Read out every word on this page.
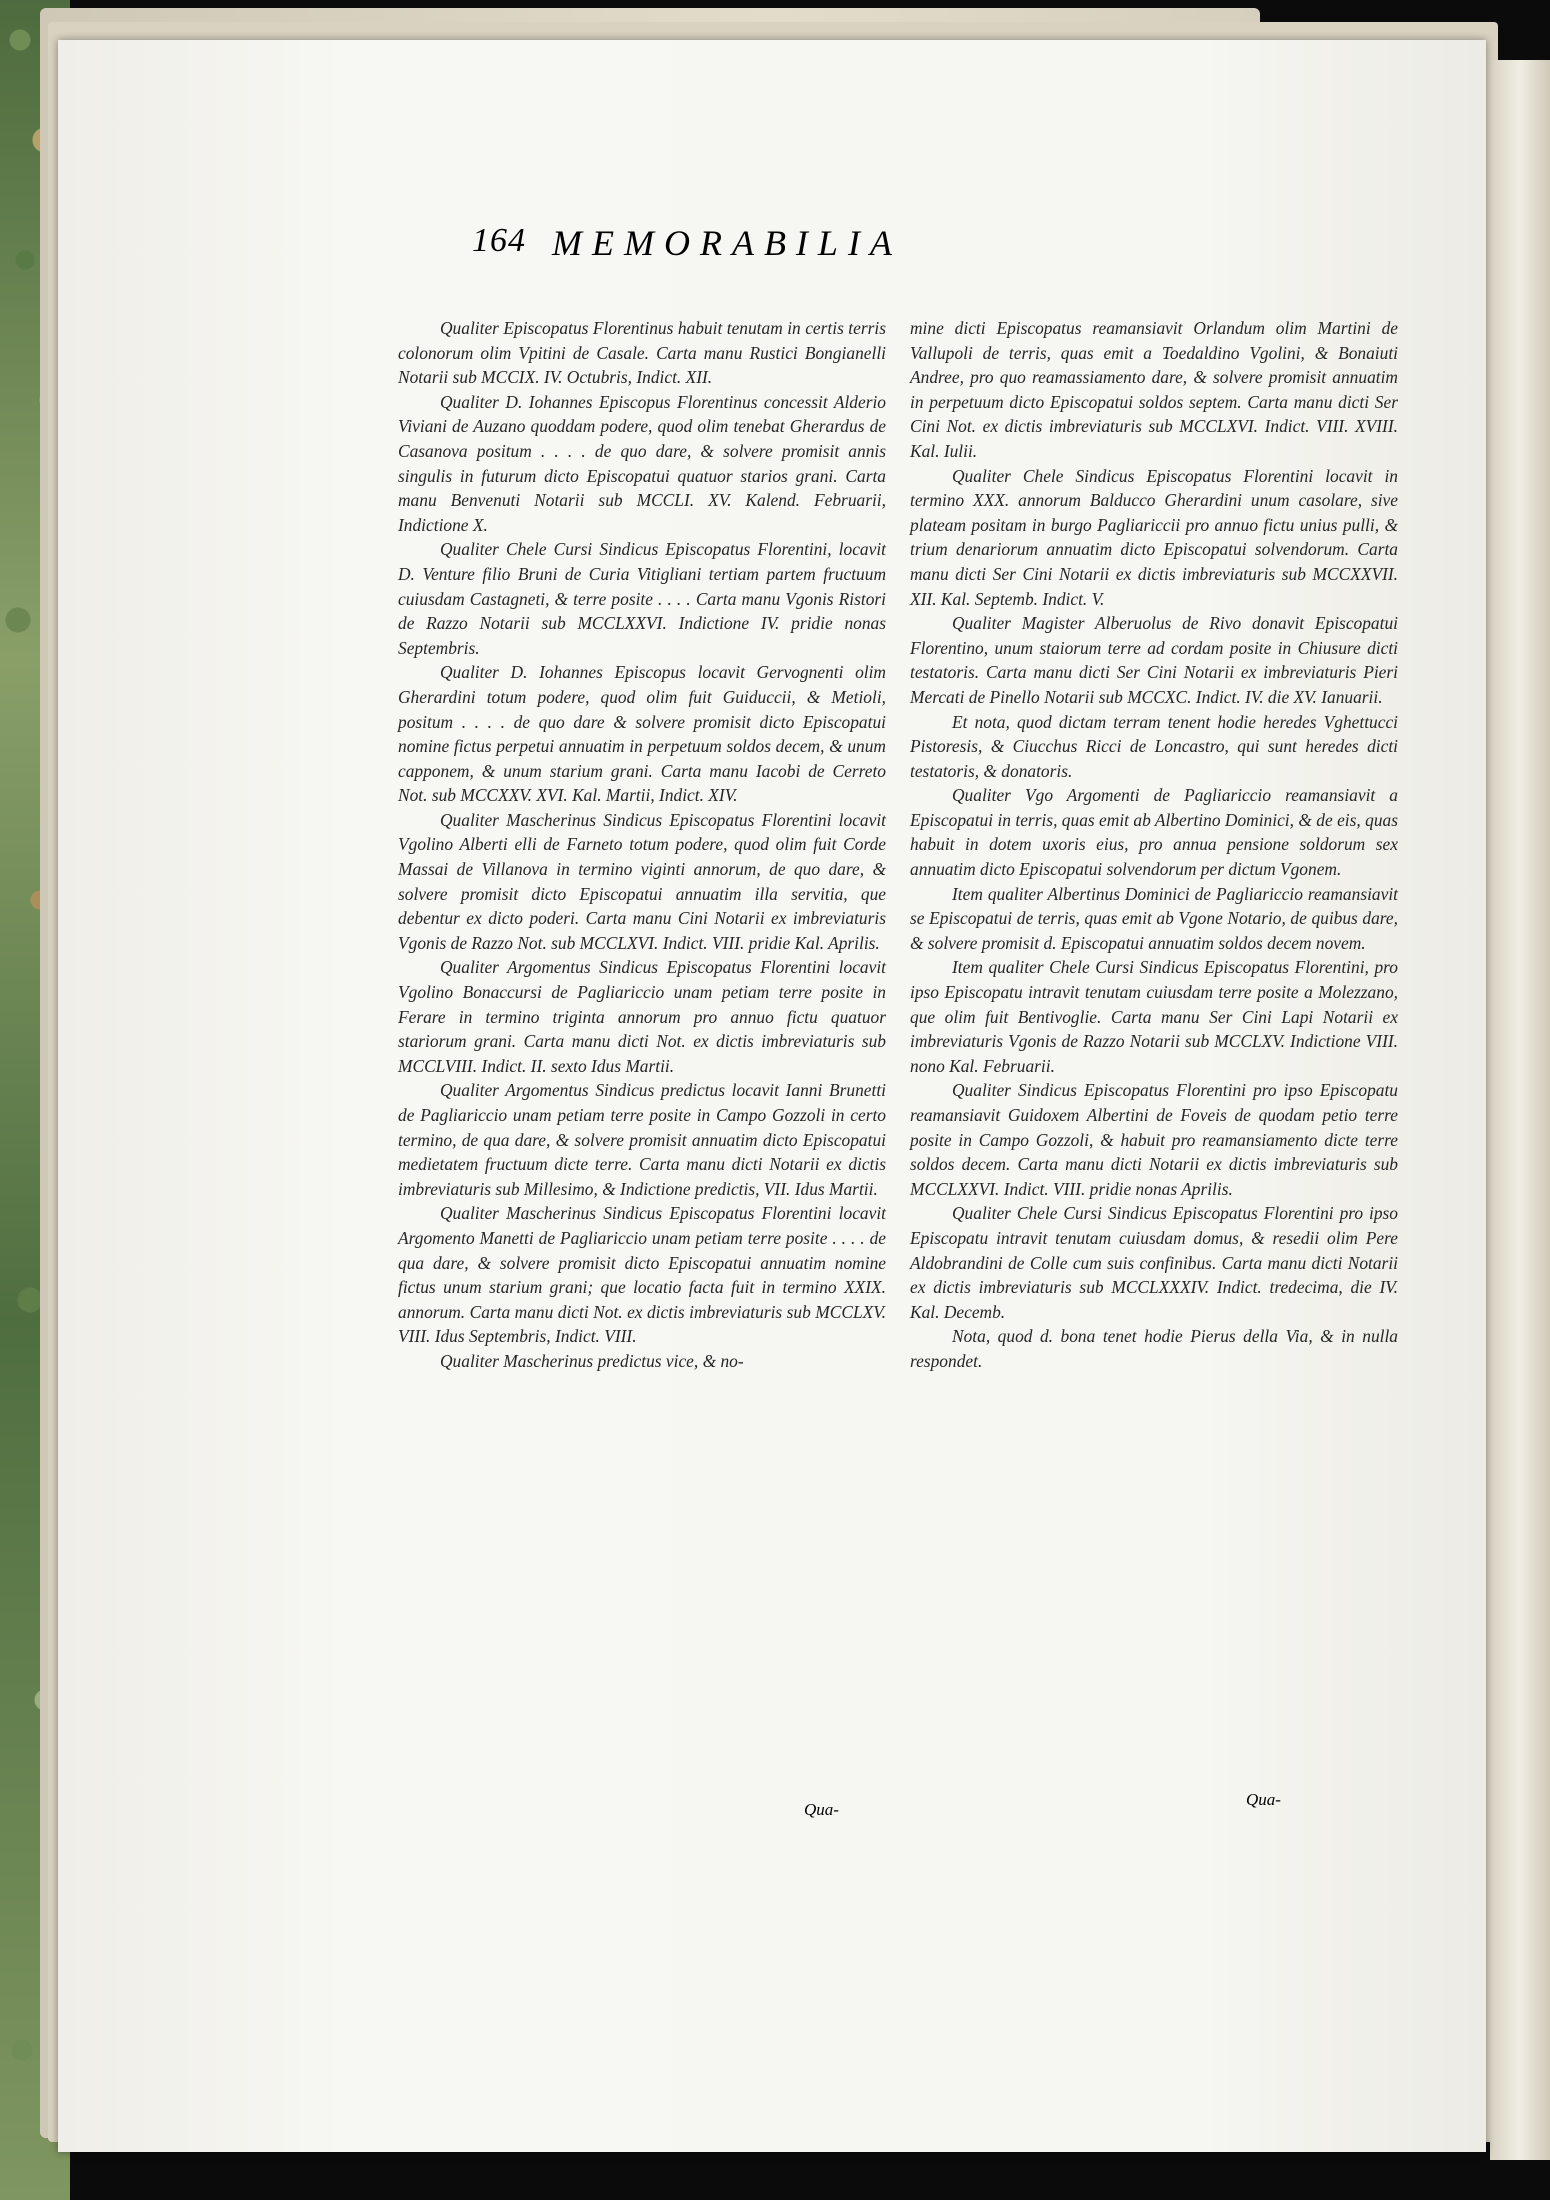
164 MEMORABILIA

Qualiter Episcopatus Florentinus habuit tenutam in certis terris colonorum olim Vpitini de Casale. Carta manu Rustici Bongianelli Notarii sub MCCIX. IV. Octubris, Indict. XII.

Qualiter D. Iohannes Episcopus Florentinus concessit Alderio Viviani de Auzano quoddam podere, quod olim tenebat Gherardus de Casanova positum . . . . de quo dare, & solvere promisit annis singulis in futurum dicto Episcopatui quatuor starios grani. Carta manu Benvenuti Notarii sub MCCLI. XV. Kalend. Februarii, Indictione X.

Qualiter Chele Cursi Sindicus Episcopatus Florentini, locavit D. Venture filio Bruni de Curia Vitigliani tertiam partem fructuum cuiusdam Castagneti, & terre posite . . . . Carta manu Vgonis Ristori de Razzo Notarii sub MCCLXXVI. Indictione IV. pridie nonas Septembris.

Qualiter D. Iohannes Episcopus locavit Gervognenti olim Gherardini totum podere, quod olim fuit Guiduccii, & Metioli, positum . . . . de quo dare & solvere promisit dicto Episcopatui nomine fictus perpetui annuatim in perpetuum soldos decem, & unum capponem, & unum starium grani. Carta manu Iacobi de Cerreto Not. sub MCCXXV. XVI. Kal. Martii, Indict. XIV.

Qualiter Mascherinus Sindicus Episcopatus Florentini locavit Vgolino Alberti elli de Farneto totum podere, quod olim fuit Corde Massai de Villanova in termino viginti annorum, de quo dare, & solvere promisit dicto Episcopatui annuatim illa servitia, que debentur ex dicto poderi. Carta manu Cini Notarii ex imbreviaturis Vgonis de Razzo Not. sub MCCLXVI. Indict. VIII. pridie Kal. Aprilis.

Qualiter Argomentus Sindicus Episcopatus Florentini locavit Vgolino Bonaccursi de Pagliariccio unam petiam terre posite in Ferare in termino triginta annorum pro annuo fictu quatuor stariorum grani. Carta manu dicti Not. ex dictis imbreviaturis sub MCCLVIII. Indict. II. sexto Idus Martii.

Qualiter Argomentus Sindicus predictus locavit Ianni Brunetti de Pagliariccio unam petiam terre posite in Campo Gozzoli in certo termino, de qua dare, & solvere promisit annuatim dicto Episcopatui medietatem fructuum dicte terre. Carta manu dicti Notarii ex dictis imbreviaturis sub Millesimo, & Indictione predictis, VII. Idus Martii.

Qualiter Mascherinus Sindicus Episcopatus Florentini locavit Argomento Manetti de Pagliariccio unam petiam terre posite . . . . de qua dare, & solvere promisit dicto Episcopatui annuatim nomine fictus unum starium grani; que locatio facta fuit in termino XXIX. annorum. Carta manu dicti Not. ex dictis imbreviaturis sub MCCLXV. VIII. Idus Septembris, Indict. VIII.

Qualiter Mascherinus predictus vice, & no-

mine dicti Episcopatus reamansiavit Orlandum olim Martini de Vallupoli de terris, quas emit a Toedaldino Vgolini, & Bonaiuti Andree, pro quo reamassiamento dare, & solvere promisit annuatim in perpetuum dicto Episcopatui soldos septem. Carta manu dicti Ser Cini Not. ex dictis imbreviaturis sub MCCLXVI. Indict. VIII. XVIII. Kal. Iulii.

Qualiter Chele Sindicus Episcopatus Florentini locavit in termino XXX. annorum Balducco Gherardini unum casolare, sive plateam positam in burgo Pagliariccii pro annuo fictu unius pulli, & trium denariorum annuatim dicto Episcopatui solvendorum. Carta manu dicti Ser Cini Notarii ex dictis imbreviaturis sub MCCXXVII. XII. Kal. Septemb. Indict. V.

Qualiter Magister Alberuolus de Rivo donavit Episcopatui Florentino, unum staiorum terre ad cordam posite in Chiusure dicti testatoris. Carta manu dicti Ser Cini Notarii ex imbreviaturis Pieri Mercati de Pinello Notarii sub MCCXC. Indict. IV. die XV. Ianuarii.

Et nota, quod dictam terram tenent hodie heredes Vghettucci Pistoresis, & Ciucchus Ricci de Loncastro, qui sunt heredes dicti testatoris, & donatoris.

Qualiter Vgo Argomenti de Pagliariccio reamansiavit a Episcopatui in terris, quas emit ab Albertino Dominici, & de eis, quas habuit in dotem uxoris eius, pro annua pensione soldorum sex annuatim dicto Episcopatui solvendorum per dictum Vgonem.

Item qualiter Albertinus Dominici de Pagliariccio reamansiavit se Episcopatui de terris, quas emit ab Vgone Notario, de quibus dare, & solvere promisit d. Episcopatui annuatim soldos decem novem.

Item qualiter Chele Cursi Sindicus Episcopatus Florentini, pro ipso Episcopatu intravit tenutam cuiusdam terre posite a Molezzano, que olim fuit Bentivoglie. Carta manu Ser Cini Lapi Notarii ex imbreviaturis Vgonis de Razzo Notarii sub MCCLXV. Indictione VIII. nono Kal. Februarii.

Qualiter Sindicus Episcopatus Florentini pro ipso Episcopatu reamansiavit Guidoxem Albertini de Foveis de quodam petio terre posite in Campo Gozzoli, & habuit pro reamansiamento dicte terre soldos decem. Carta manu dicti Notarii ex dictis imbreviaturis sub MCCLXXVI. Indict. VIII. pridie nonas Aprilis.

Qualiter Chele Cursi Sindicus Episcopatus Florentini pro ipso Episcopatu intravit tenutam cuiusdam domus, & resedii olim Pere Aldobrandini de Colle cum suis confinibus. Carta manu dicti Notarii ex dictis imbreviaturis sub MCCLXXXIV. Indict. tredecima, die IV. Kal. Decemb.

Nota, quod d. bona tenet hodie Pierus della Via, & in nulla respondet.

Qua-
Qua-
